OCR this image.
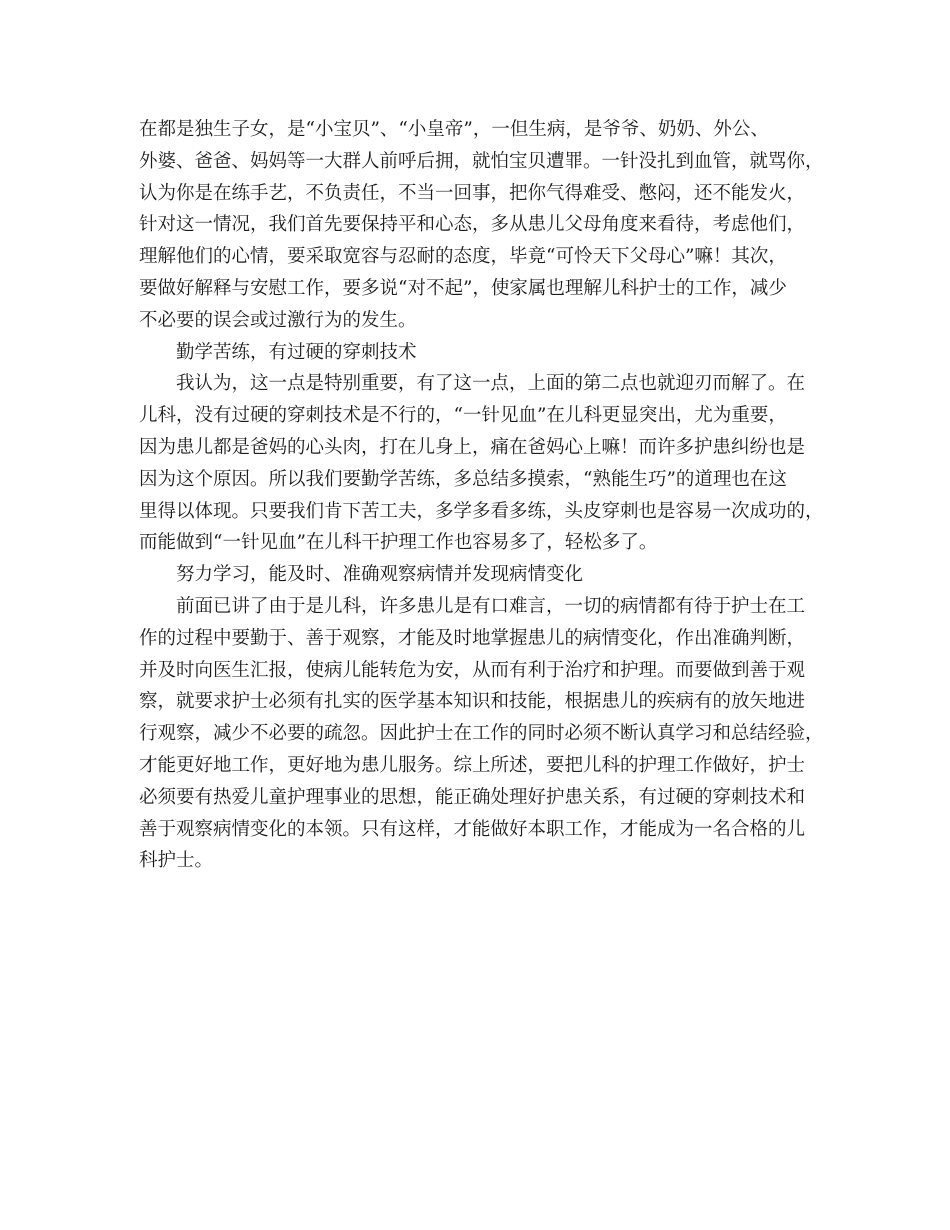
在都是独生子女，是“小宝贝”、“小皇帝”，一但生病，是爷爷、奶奶、外公、
外婆、爸爸、妈妈等一大群人前呼后拥，就怕宝贝遭罪。一针没扎到血管，就骂你，
认为你是在练手艺，不负责任，不当一回事，把你气得难受、憋闷，还不能发火，
针对这一情况，我们首先要保持平和心态，多从患儿父母角度来看待，考虑他们，
理解他们的心情，要采取宽容与忍耐的态度，毕竟“可怜天下父母心”嘛！其次，
要做好解释与安慰工作，要多说“对不起”，使家属也理解儿科护士的工作，减少
不必要的误会或过激行为的发生。
勤学苦练，有过硬的穿刺技术
我认为，这一点是特别重要，有了这一点，上面的第二点也就迎刃而解了。在
儿科，没有过硬的穿刺技术是不行的，“一针见血”在儿科更显突出，尤为重要，
因为患儿都是爸妈的心头肉，打在儿身上，痛在爸妈心上嘛！而许多护患纠纷也是
因为这个原因。所以我们要勤学苦练，多总结多摸索，“熟能生巧”的道理也在这
里得以体现。只要我们肯下苦工夫，多学多看多练，头皮穿刺也是容易一次成功的，
而能做到“一针见血”在儿科干护理工作也容易多了，轻松多了。
努力学习，能及时、准确观察病情并发现病情变化
前面已讲了由于是儿科，许多患儿是有口难言，一切的病情都有待于护士在工
作的过程中要勤于、善于观察，才能及时地掌握患儿的病情变化，作出准确判断，
并及时向医生汇报，使病儿能转危为安，从而有利于治疗和护理。而要做到善于观
察，就要求护士必须有扎实的医学基本知识和技能，根据患儿的疾病有的放矢地进
行观察，减少不必要的疏忽。因此护士在工作的同时必须不断认真学习和总结经验，
才能更好地工作，更好地为患儿服务。综上所述，要把儿科的护理工作做好，护士
必须要有热爱儿童护理事业的思想，能正确处理好护患关系，有过硬的穿刺技术和
善于观察病情变化的本领。只有这样，才能做好本职工作，才能成为一名合格的儿
科护士。
